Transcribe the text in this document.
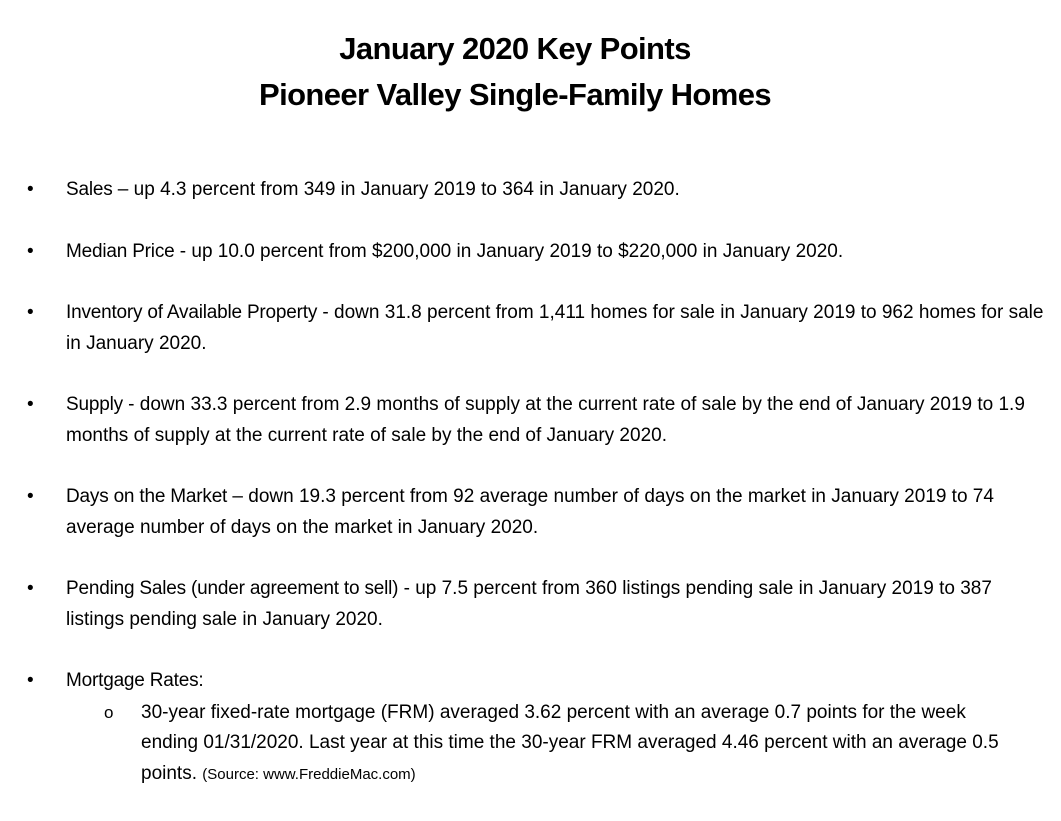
January 2020 Key Points
Pioneer Valley Single-Family Homes
• Sales – up 4.3 percent from 349 in January 2019 to 364 in January 2020.
• Median Price - up 10.0 percent from $200,000 in January 2019 to $220,000 in January 2020.
• Inventory of Available Property - down 31.8 percent from 1,411 homes for sale in January 2019 to 962 homes for sale in January 2020.
• Supply - down 33.3 percent from 2.9 months of supply at the current rate of sale by the end of January 2019 to 1.9 months of supply at the current rate of sale by the end of January 2020.
• Days on the Market – down 19.3 percent from 92 average number of days on the market in January 2019 to 74 average number of days on the market in January 2020.
• Pending Sales (under agreement to sell) - up 7.5 percent from 360 listings pending sale in January 2019 to 387 listings pending sale in January 2020.
• Mortgage Rates:
o 30-year fixed-rate mortgage (FRM) averaged 3.62 percent with an average 0.7 points for the week ending 01/31/2020. Last year at this time the 30-year FRM averaged 4.46 percent with an average 0.5 points. (Source: www.FreddieMac.com)
